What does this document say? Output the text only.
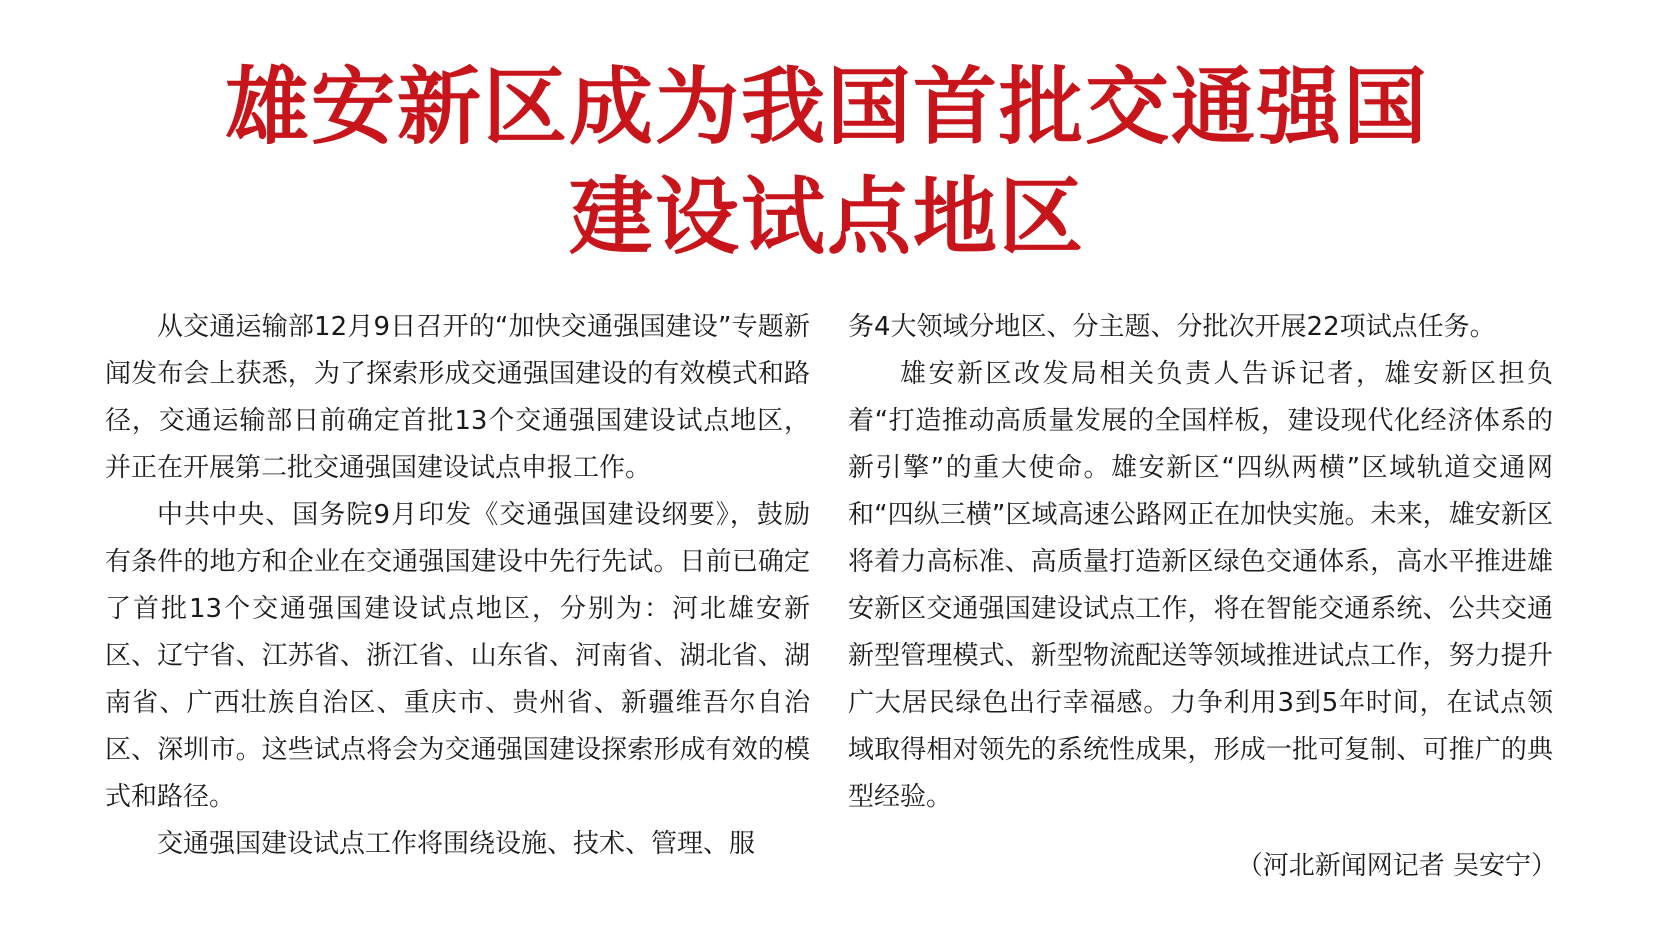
雄安新区成为我国首批交通强国
建设试点地区

从交通运输部12月9日召开的“加快交通强国建设”专题新闻发布会上获悉，为了探索形成交通强国建设的有效模式和路径，交通运输部日前确定首批13个交通强国建设试点地区，并正在开展第二批交通强国建设试点申报工作。

中共中央、国务院9月印发《交通强国建设纲要》，鼓励有条件的地方和企业在交通强国建设中先行先试。日前已确定了首批13个交通强国建设试点地区，分别为：河北雄安新区、辽宁省、江苏省、浙江省、山东省、河南省、湖北省、湖南省、广西壮族自治区、重庆市、贵州省、新疆维吾尔自治区、深圳市。这些试点将会为交通强国建设探索形成有效的模式和路径。

交通强国建设试点工作将围绕设施、技术、管理、服

务4大领域分地区、分主题、分批次开展22项试点任务。

雄安新区改发局相关负责人告诉记者，雄安新区担负着“打造推动高质量发展的全国样板，建设现代化经济体系的新引擎”的重大使命。雄安新区“四纵两横”区域轨道交通网和“四纵三横”区域高速公路网正在加快实施。未来，雄安新区将着力高标准、高质量打造新区绿色交通体系，高水平推进雄安新区交通强国建设试点工作，将在智能交通系统、公共交通新型管理模式、新型物流配送等领域推进试点工作，努力提升广大居民绿色出行幸福感。力争利用3到5年时间，在试点领域取得相对领先的系统性成果，形成一批可复制、可推广的典型经验。

（河北新闻网记者 吴安宁）
